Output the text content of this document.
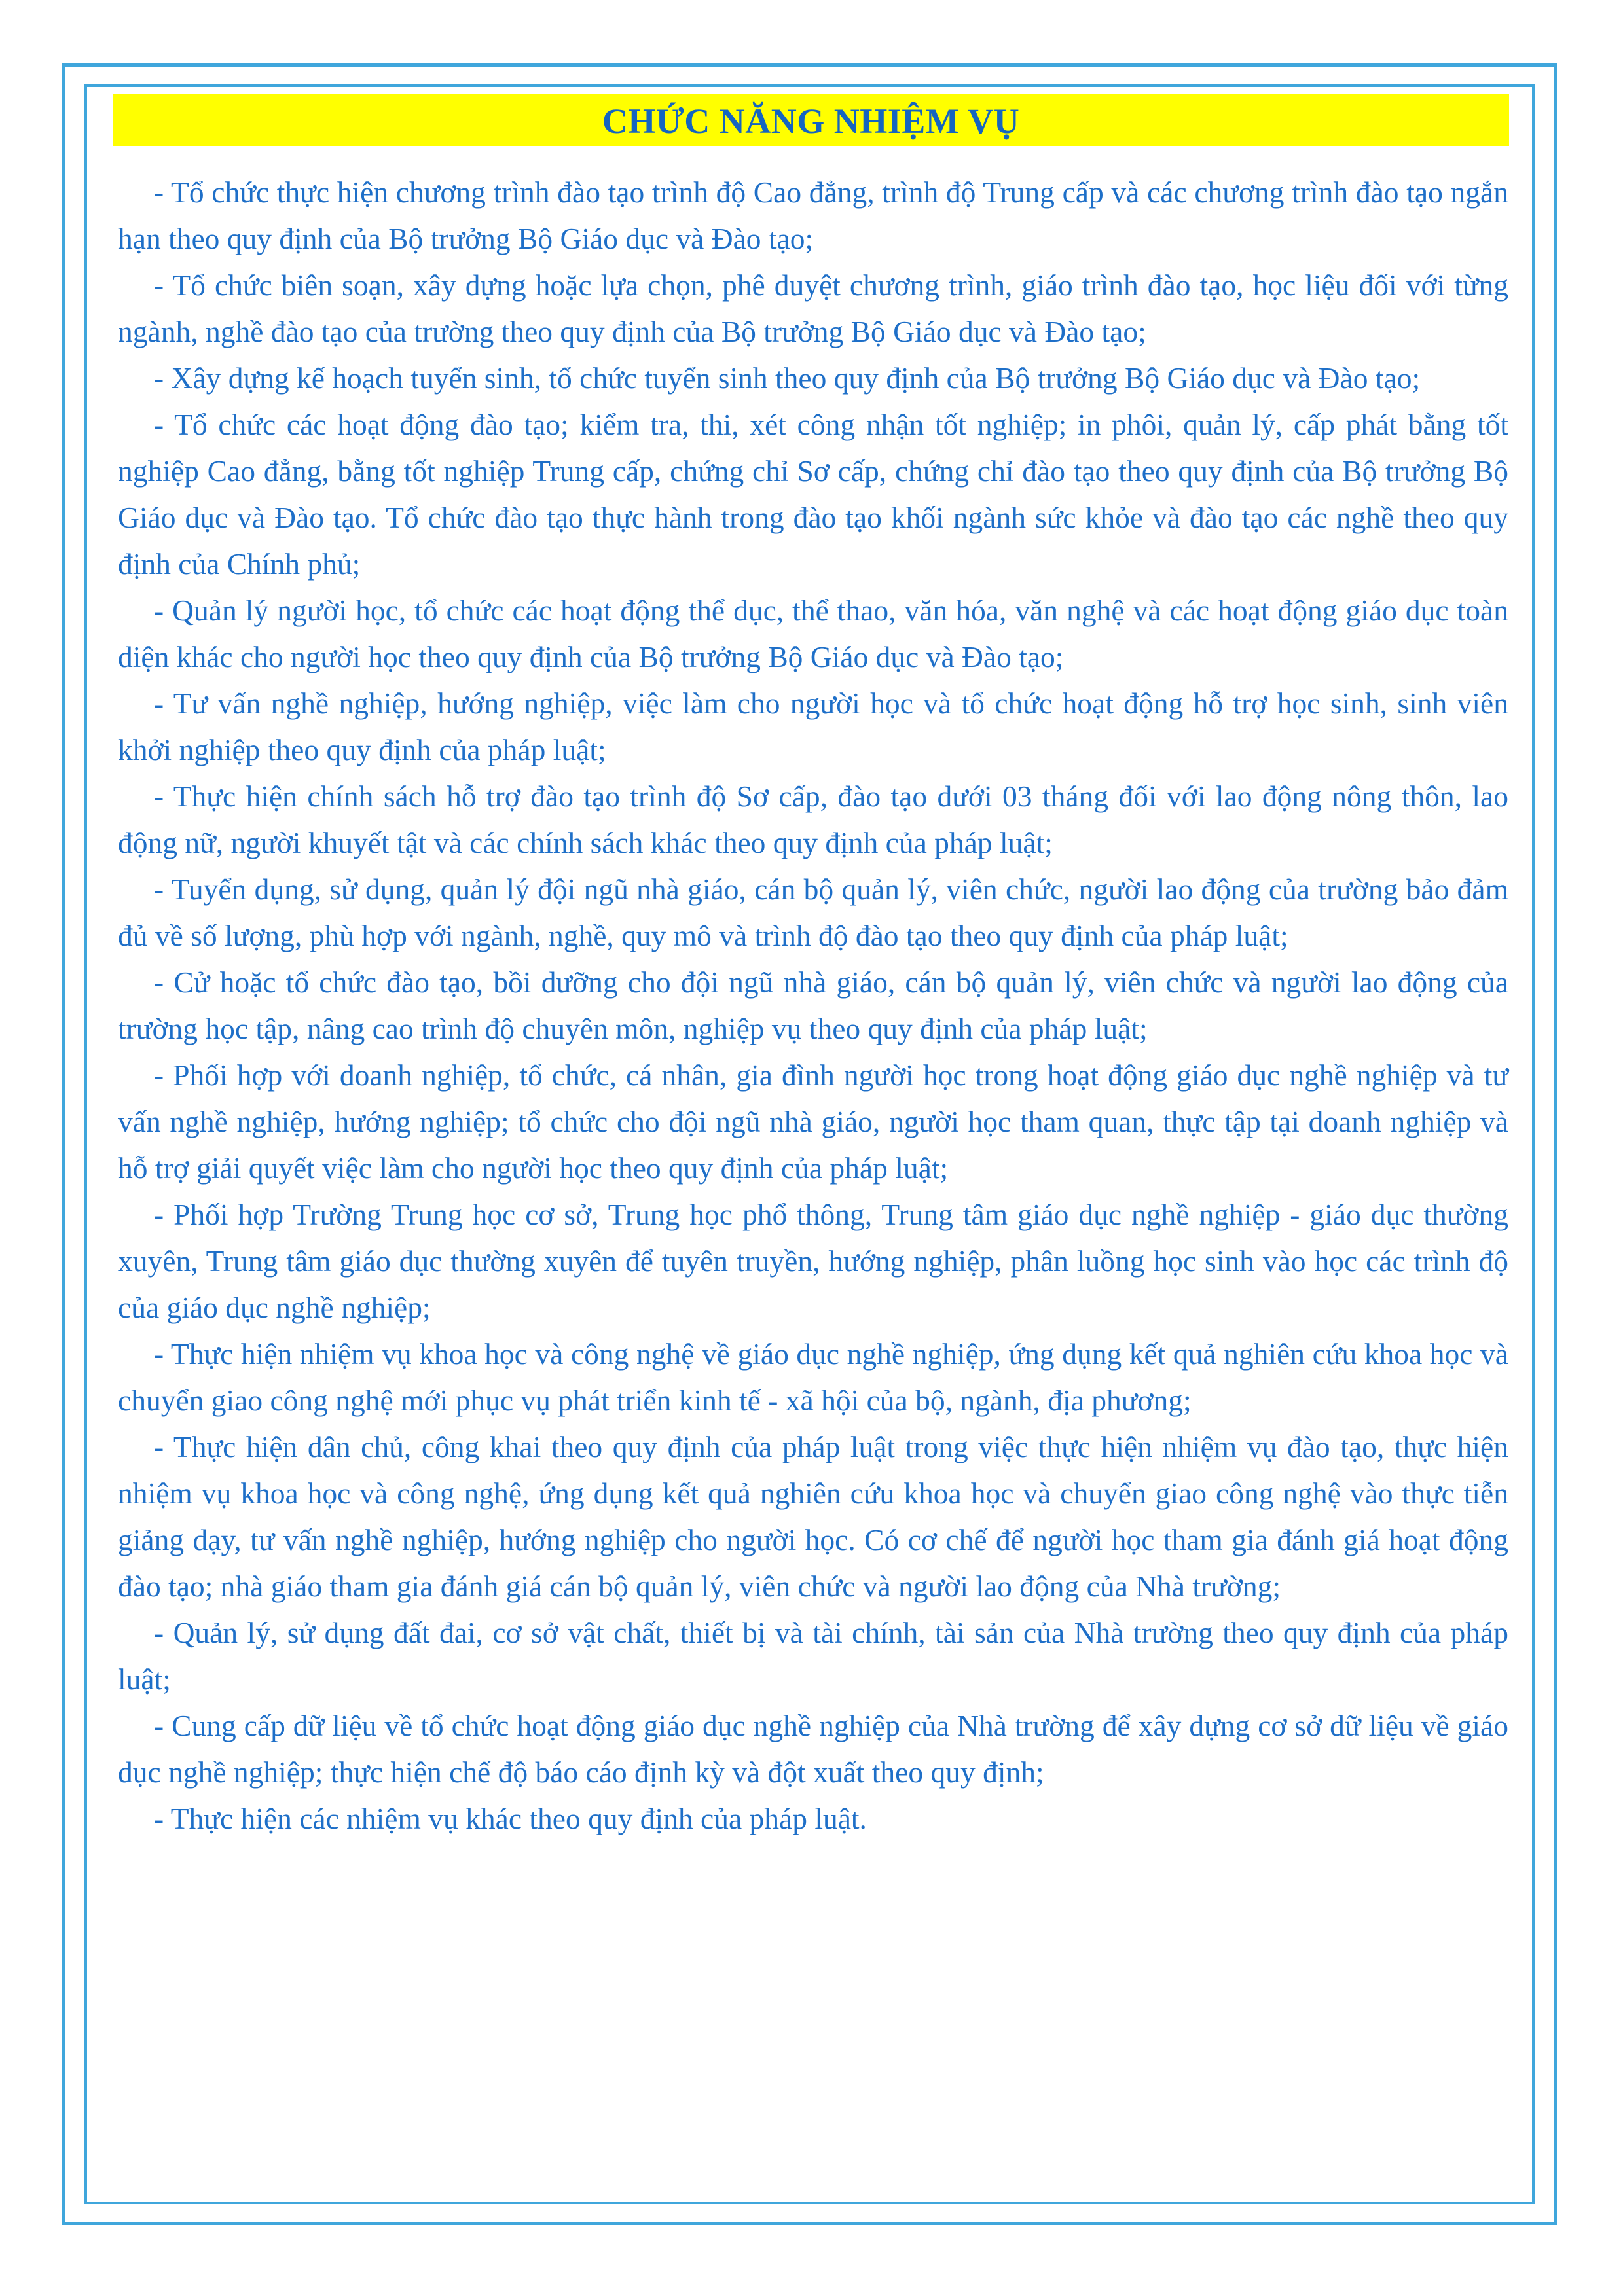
CHỨC NĂNG NHIỆM VỤ

- Tổ chức thực hiện chương trình đào tạo trình độ Cao đẳng, trình độ Trung cấp và các chương trình đào tạo ngắn hạn theo quy định của Bộ trưởng Bộ Giáo dục và Đào tạo;

- Tổ chức biên soạn, xây dựng hoặc lựa chọn, phê duyệt chương trình, giáo trình đào tạo, học liệu đối với từng ngành, nghề đào tạo của trường theo quy định của Bộ trưởng Bộ Giáo dục và Đào tạo;

- Xây dựng kế hoạch tuyển sinh, tổ chức tuyển sinh theo quy định của Bộ trưởng Bộ Giáo dục và Đào tạo;

- Tổ chức các hoạt động đào tạo; kiểm tra, thi, xét công nhận tốt nghiệp; in phôi, quản lý, cấp phát bằng tốt nghiệp Cao đẳng, bằng tốt nghiệp Trung cấp, chứng chỉ Sơ cấp, chứng chỉ đào tạo theo quy định của Bộ trưởng Bộ Giáo dục và Đào tạo. Tổ chức đào tạo thực hành trong đào tạo khối ngành sức khỏe và đào tạo các nghề theo quy định của Chính phủ;

- Quản lý người học, tổ chức các hoạt động thể dục, thể thao, văn hóa, văn nghệ và các hoạt động giáo dục toàn diện khác cho người học theo quy định của Bộ trưởng Bộ Giáo dục và Đào tạo;

- Tư vấn nghề nghiệp, hướng nghiệp, việc làm cho người học và tổ chức hoạt động hỗ trợ học sinh, sinh viên khởi nghiệp theo quy định của pháp luật;

- Thực hiện chính sách hỗ trợ đào tạo trình độ Sơ cấp, đào tạo dưới 03 tháng đối với lao động nông thôn, lao động nữ, người khuyết tật và các chính sách khác theo quy định của pháp luật;

- Tuyển dụng, sử dụng, quản lý đội ngũ nhà giáo, cán bộ quản lý, viên chức, người lao động của trường bảo đảm đủ về số lượng, phù hợp với ngành, nghề, quy mô và trình độ đào tạo theo quy định của pháp luật;

- Cử hoặc tổ chức đào tạo, bồi dưỡng cho đội ngũ nhà giáo, cán bộ quản lý, viên chức và người lao động của trường học tập, nâng cao trình độ chuyên môn, nghiệp vụ theo quy định của pháp luật;

- Phối hợp với doanh nghiệp, tổ chức, cá nhân, gia đình người học trong hoạt động giáo dục nghề nghiệp và tư vấn nghề nghiệp, hướng nghiệp; tổ chức cho đội ngũ nhà giáo, người học tham quan, thực tập tại doanh nghiệp và hỗ trợ giải quyết việc làm cho người học theo quy định của pháp luật;

- Phối hợp Trường Trung học cơ sở, Trung học phổ thông, Trung tâm giáo dục nghề nghiệp - giáo dục thường xuyên, Trung tâm giáo dục thường xuyên để tuyên truyền, hướng nghiệp, phân luồng học sinh vào học các trình độ của giáo dục nghề nghiệp;

- Thực hiện nhiệm vụ khoa học và công nghệ về giáo dục nghề nghiệp, ứng dụng kết quả nghiên cứu khoa học và chuyển giao công nghệ mới phục vụ phát triển kinh tế - xã hội của bộ, ngành, địa phương;

- Thực hiện dân chủ, công khai theo quy định của pháp luật trong việc thực hiện nhiệm vụ đào tạo, thực hiện nhiệm vụ khoa học và công nghệ, ứng dụng kết quả nghiên cứu khoa học và chuyển giao công nghệ vào thực tiễn giảng dạy, tư vấn nghề nghiệp, hướng nghiệp cho người học. Có cơ chế để người học tham gia đánh giá hoạt động đào tạo; nhà giáo tham gia đánh giá cán bộ quản lý, viên chức và người lao động của Nhà trường;

- Quản lý, sử dụng đất đai, cơ sở vật chất, thiết bị và tài chính, tài sản của Nhà trường theo quy định của pháp luật;

- Cung cấp dữ liệu về tổ chức hoạt động giáo dục nghề nghiệp của Nhà trường để xây dựng cơ sở dữ liệu về giáo dục nghề nghiệp; thực hiện chế độ báo cáo định kỳ và đột xuất theo quy định;

- Thực hiện các nhiệm vụ khác theo quy định của pháp luật.
